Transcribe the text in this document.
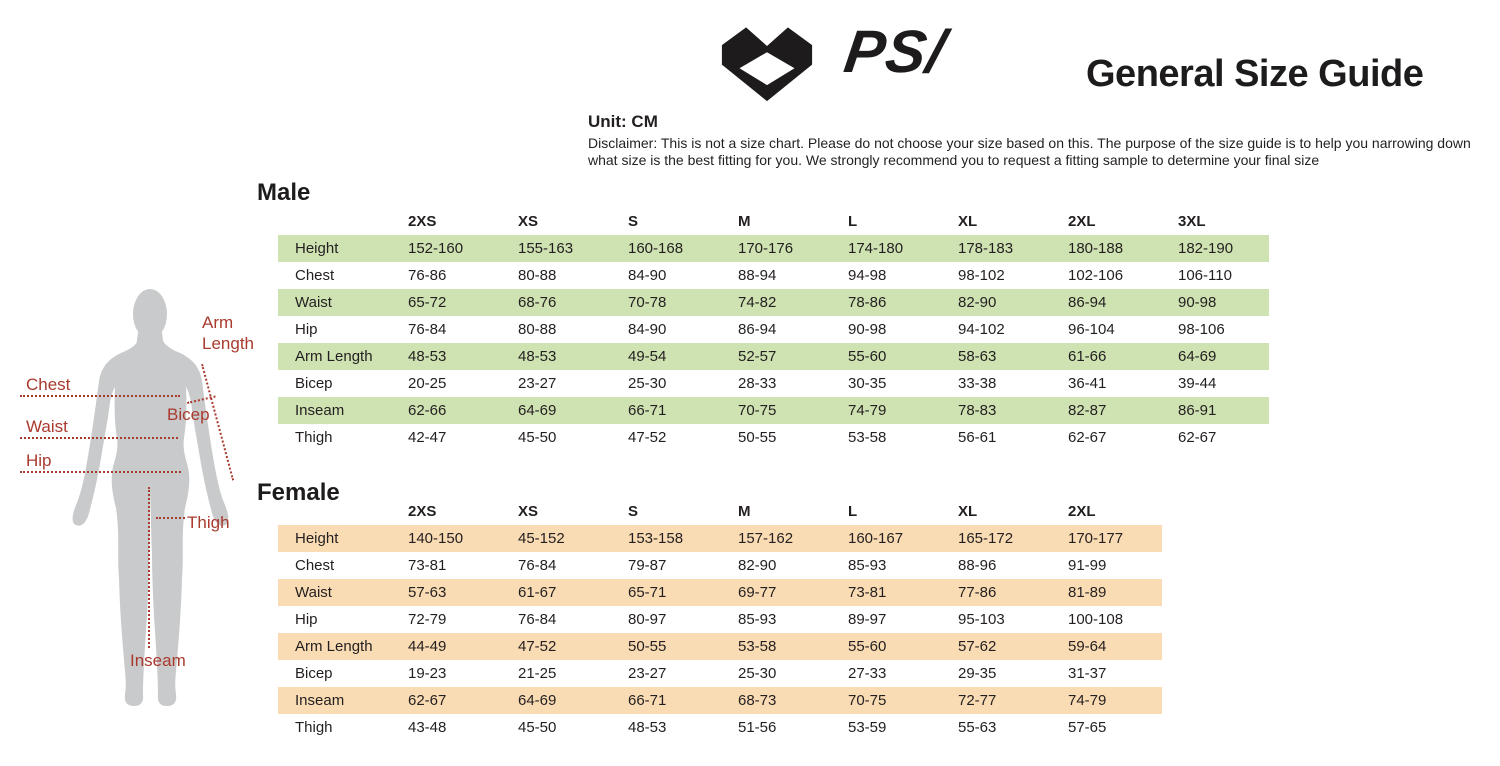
PS/	General Size Guide
Unit: CM
Disclaimer: This is not a size chart. Please do not choose your size based on this. The purpose of the size guide is to help you narrowing down what size is the best fitting for you. We strongly recommend you to request a fitting sample to determine your final size
Arm Length
Chest
Bicep
Waist
Hip
Thigh
Inseam
Male
	2XS	XS	S	M	L	XL	2XL	3XL
Height	152-160	155-163	160-168	170-176	174-180	178-183	180-188	182-190
Chest	76-86	80-88	84-90	88-94	94-98	98-102	102-106	106-110
Waist	65-72	68-76	70-78	74-82	78-86	82-90	86-94	90-98
Hip	76-84	80-88	84-90	86-94	90-98	94-102	96-104	98-106
Arm Length	48-53	48-53	49-54	52-57	55-60	58-63	61-66	64-69
Bicep	20-25	23-27	25-30	28-33	30-35	33-38	36-41	39-44
Inseam	62-66	64-69	66-71	70-75	74-79	78-83	82-87	86-91
Thigh	42-47	45-50	47-52	50-55	53-58	56-61	62-67	62-67
Female
	2XS	XS	S	M	L	XL	2XL
Height	140-150	45-152	153-158	157-162	160-167	165-172	170-177
Chest	73-81	76-84	79-87	82-90	85-93	88-96	91-99
Waist	57-63	61-67	65-71	69-77	73-81	77-86	81-89
Hip	72-79	76-84	80-97	85-93	89-97	95-103	100-108
Arm Length	44-49	47-52	50-55	53-58	55-60	57-62	59-64
Bicep	19-23	21-25	23-27	25-30	27-33	29-35	31-37
Inseam	62-67	64-69	66-71	68-73	70-75	72-77	74-79
Thigh	43-48	45-50	48-53	51-56	53-59	55-63	57-65
